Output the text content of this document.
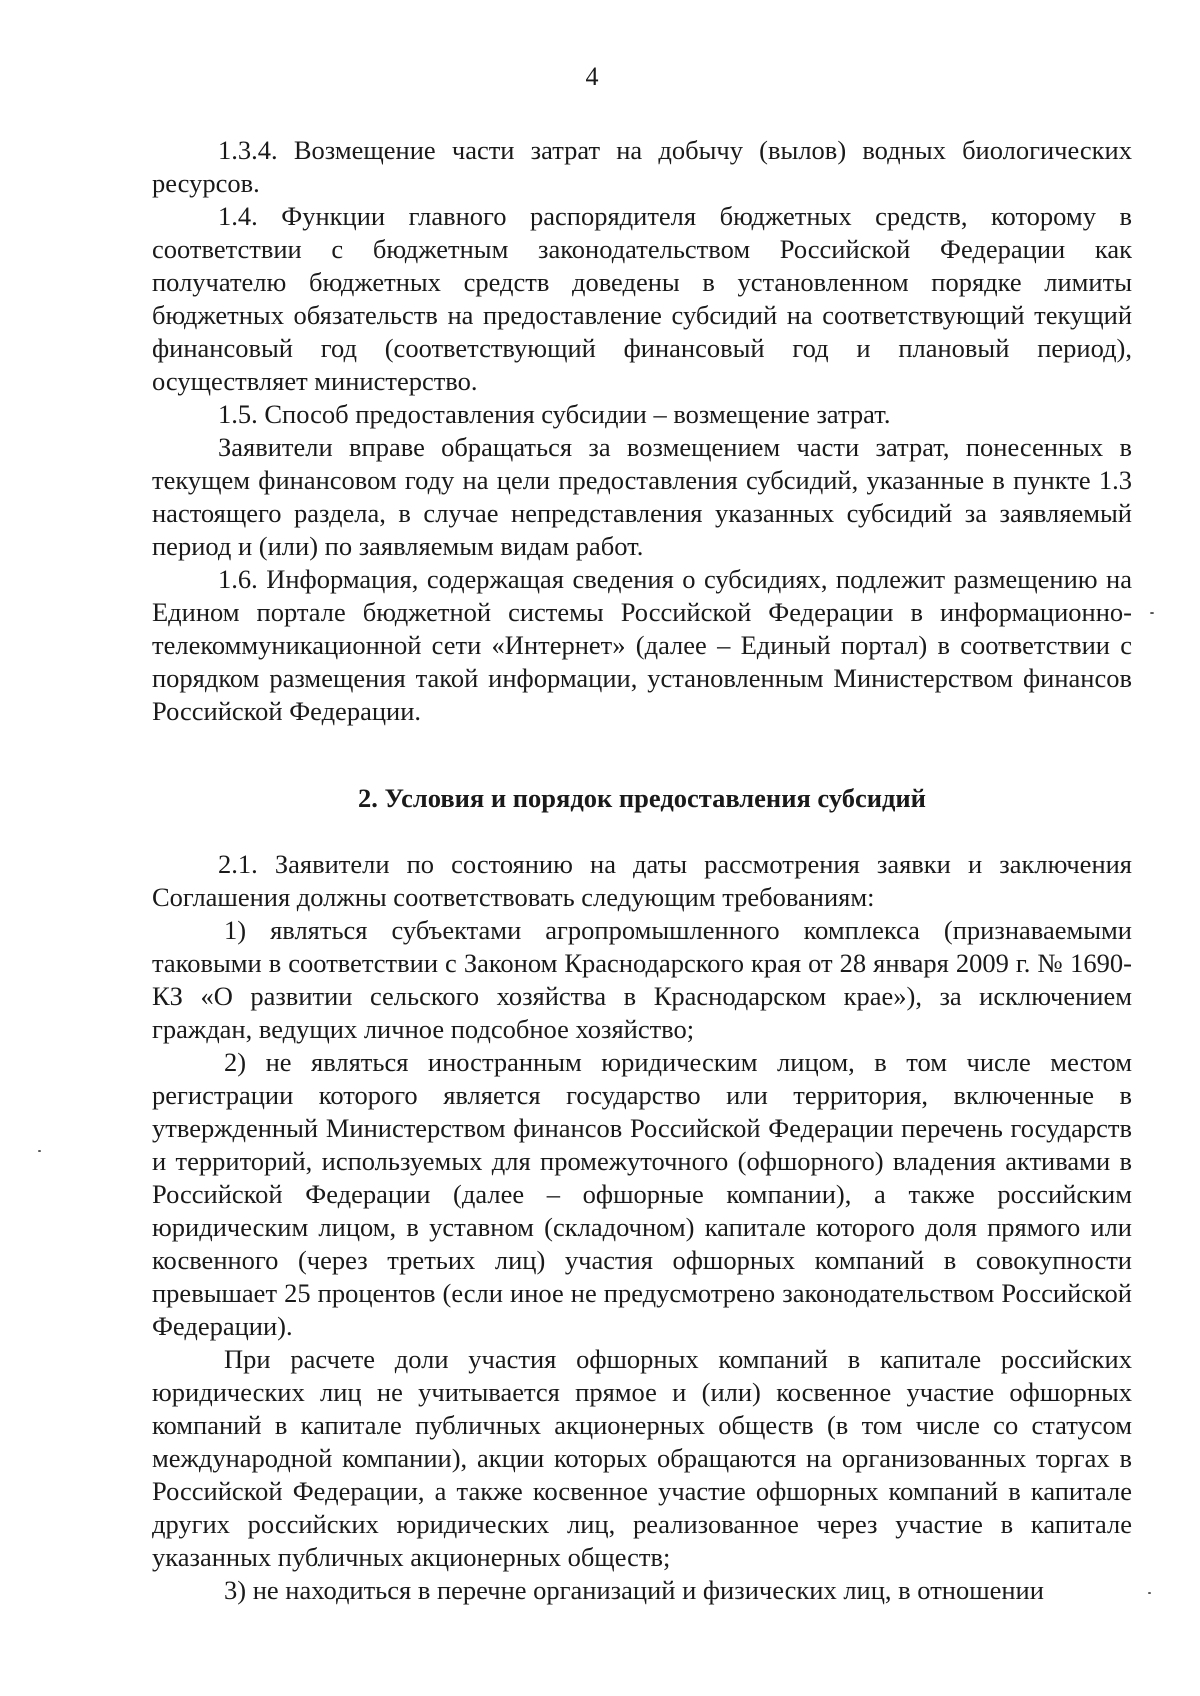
4

1.3.4. Возмещение части затрат на добычу (вылов) водных биологических ресурсов.

1.4. Функции главного распорядителя бюджетных средств, которому в соответствии с бюджетным законодательством Российской Федерации как получателю бюджетных средств доведены в установленном порядке лимиты бюджетных обязательств на предоставление субсидий на соответствующий текущий финансовый год (соответствующий финансовый год и плановый период), осуществляет министерство.

1.5. Способ предоставления субсидии – возмещение затрат.

Заявители вправе обращаться за возмещением части затрат, понесенных в текущем финансовом году на цели предоставления субсидий, указанные в пункте 1.3 настоящего раздела, в случае непредставления указанных субсидий за заявляемый период и (или) по заявляемым видам работ.

1.6. Информация, содержащая сведения о субсидиях, подлежит размещению на Едином портале бюджетной системы Российской Федерации в информационно-телекоммуникационной сети «Интернет» (далее – Единый портал) в соответствии с порядком размещения такой информации, установленным Министерством финансов Российской Федерации.

2. Условия и порядок предоставления субсидий

2.1. Заявители по состоянию на даты рассмотрения заявки и заключения Соглашения должны соответствовать следующим требованиям:

1) являться субъектами агропромышленного комплекса (признаваемыми таковыми в соответствии с Законом Краснодарского края от 28 января 2009 г. № 1690-КЗ «О развитии сельского хозяйства в Краснодарском крае»), за исключением граждан, ведущих личное подсобное хозяйство;

2) не являться иностранным юридическим лицом, в том числе местом регистрации которого является государство или территория, включенные в утвержденный Министерством финансов Российской Федерации перечень государств и территорий, используемых для промежуточного (офшорного) владения активами в Российской Федерации (далее – офшорные компании), а также российским юридическим лицом, в уставном (складочном) капитале которого доля прямого или косвенного (через третьих лиц) участия офшорных компаний в совокупности превышает 25 процентов (если иное не предусмотрено законодательством Российской Федерации).

При расчете доли участия офшорных компаний в капитале российских юридических лиц не учитывается прямое и (или) косвенное участие офшорных компаний в капитале публичных акционерных обществ (в том числе со статусом международной компании), акции которых обращаются на организованных торгах в Российской Федерации, а также косвенное участие офшорных компаний в капитале других российских юридических лиц, реализованное через участие в капитале указанных публичных акционерных обществ;

3) не находиться в перечне организаций и физических лиц, в отношении
